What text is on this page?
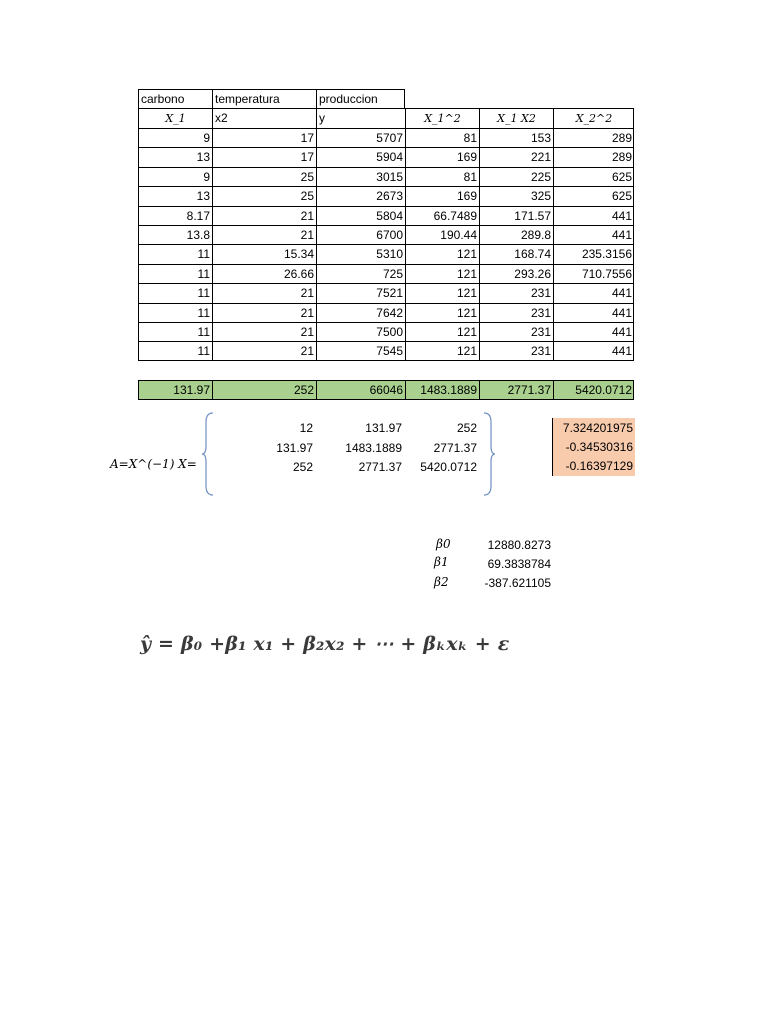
carbono	temperatura	produccion
X_1	x2	y	X_1^2	X_1 X2	X_2^2
9	17	5707	81	153	289
13	17	5904	169	221	289
9	25	3015	81	225	625
13	25	2673	169	325	625
8.17	21	5804	66.7489	171.57	441
13.8	21	6700	190.44	289.8	441
11	15.34	5310	121	168.74	235.3156
11	26.66	725	121	293.26	710.7556
11	21	7521	121	231	441
11	21	7642	121	231	441
11	21	7500	121	231	441
11	21	7545	121	231	441
131.97	252	66046	1483.1889	2771.37	5420.0712
A=X^(−1) X=
12	131.97	252
131.97	1483.1889	2771.37
252	2771.37	5420.0712
7.324201975
-0.34530316
-0.16397129
β0	12880.8273
β1	69.3838784
β2	-387.621105
ŷ = β₀ +β₁ x₁ + β₂x₂ + ⋯ + βₖxₖ + ε
